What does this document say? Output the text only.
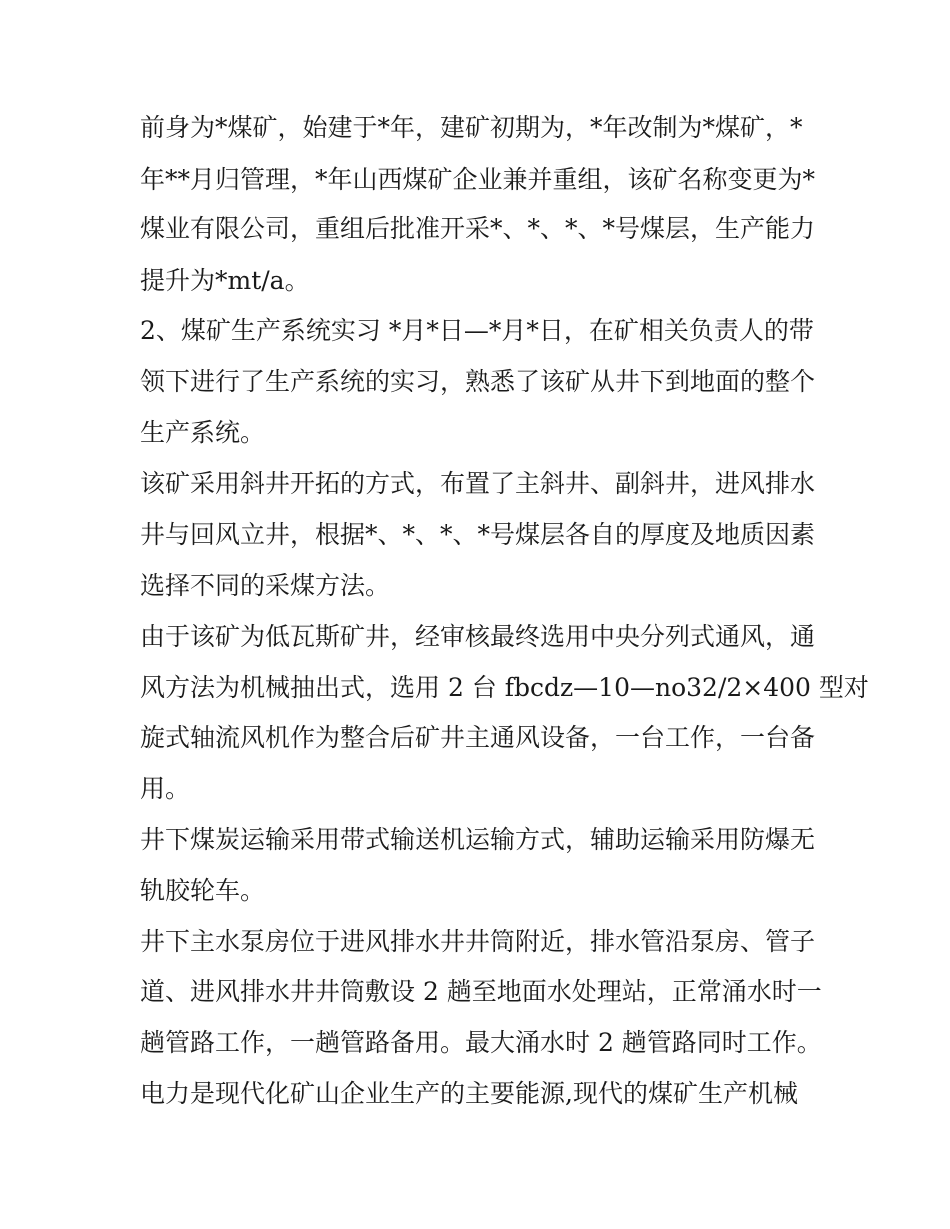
前身为*煤矿，始建于*年，建矿初期为，*年改制为*煤矿，*
年**月归管理，*年山西煤矿企业兼并重组，该矿名称变更为*
煤业有限公司，重组后批准开采*、*、*、*号煤层，生产能力
提升为*mt/a。
2、煤矿生产系统实习 *月*日—*月*日，在矿相关负责人的带
领下进行了生产系统的实习，熟悉了该矿从井下到地面的整个
生产系统。
该矿采用斜井开拓的方式，布置了主斜井、副斜井，进风排水
井与回风立井，根据*、*、*、*号煤层各自的厚度及地质因素
选择不同的采煤方法。
由于该矿为低瓦斯矿井，经审核最终选用中央分列式通风，通
风方法为机械抽出式，选用 2 台 fbcdz—10—no32/2×400 型对
旋式轴流风机作为整合后矿井主通风设备，一台工作，一台备
用。
井下煤炭运输采用带式输送机运输方式，辅助运输采用防爆无
轨胶轮车。
井下主水泵房位于进风排水井井筒附近，排水管沿泵房、管子
道、进风排水井井筒敷设 2 趟至地面水处理站，正常涌水时一
趟管路工作，一趟管路备用。最大涌水时 2 趟管路同时工作。
电力是现代化矿山企业生产的主要能源,现代的煤矿生产机械
